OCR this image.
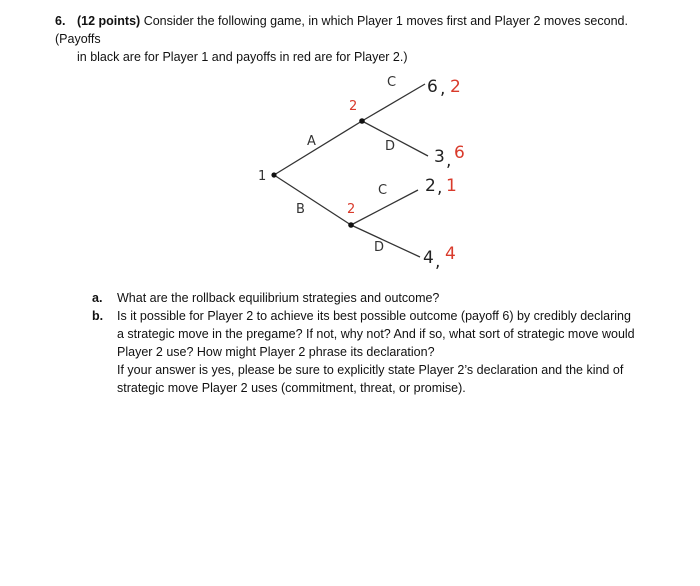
6. (12 points) Consider the following game, in which Player 1 moves first and Player 2 moves second. (Payoffs
in black are for Player 1 and payoffs in red are for Player 2.)
1
A
B
C
D
C
D
2
2
6 , 2
3 , 6
2 , 1
4 , 4
a.	What are the rollback equilibrium strategies and outcome?
b.	Is it possible for Player 2 to achieve its best possible outcome (payoff 6) by credibly declaring a strategic move in the pregame? If not, why not? And if so, what sort of strategic move would Player 2 use? How might Player 2 phrase its declaration?
If your answer is yes, please be sure to explicitly state Player 2’s declaration and the kind of strategic move Player 2 uses (commitment, threat, or promise).
